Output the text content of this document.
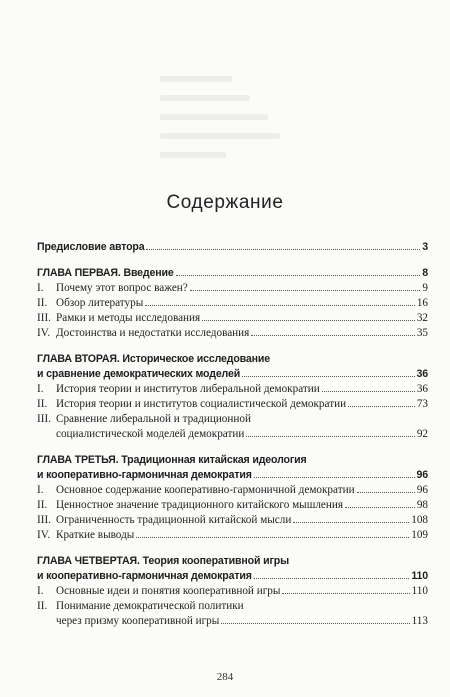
Содержание
Предисловие автора	3
ГЛАВА ПЕРВАЯ. Введение	8
I.	Почему этот вопрос важен?	9
II. Обзор литературы	16
III. Рамки и методы исследования	32
IV. Достоинства и недостатки исследования	35
ГЛАВА ВТОРАЯ. Историческое исследование
и сравнение демократических моделей	36
I.	История теории и институтов либеральной демократии	36
II. История теории и институтов социалистической демократии	73
III. Сравнение либеральной и традиционной
социалистической моделей демократии	92
ГЛАВА ТРЕТЬЯ. Традиционная китайская идеология
и кооперативно-гармоничная демократия	96
I.	Основное содержание кооперативно-гармоничной демократии	96
II. Ценностное значение традиционного китайского мышления	98
III. Ограниченность традиционной китайской мысли	108
IV. Краткие выводы	109
ГЛАВА ЧЕТВЕРТАЯ. Теория кооперативной игры
и кооперативно-гармоничная демократия	110
I.	Основные идеи и понятия кооперативной игры	110
II. Понимание демократической политики
через призму кооперативной игры	113
284
